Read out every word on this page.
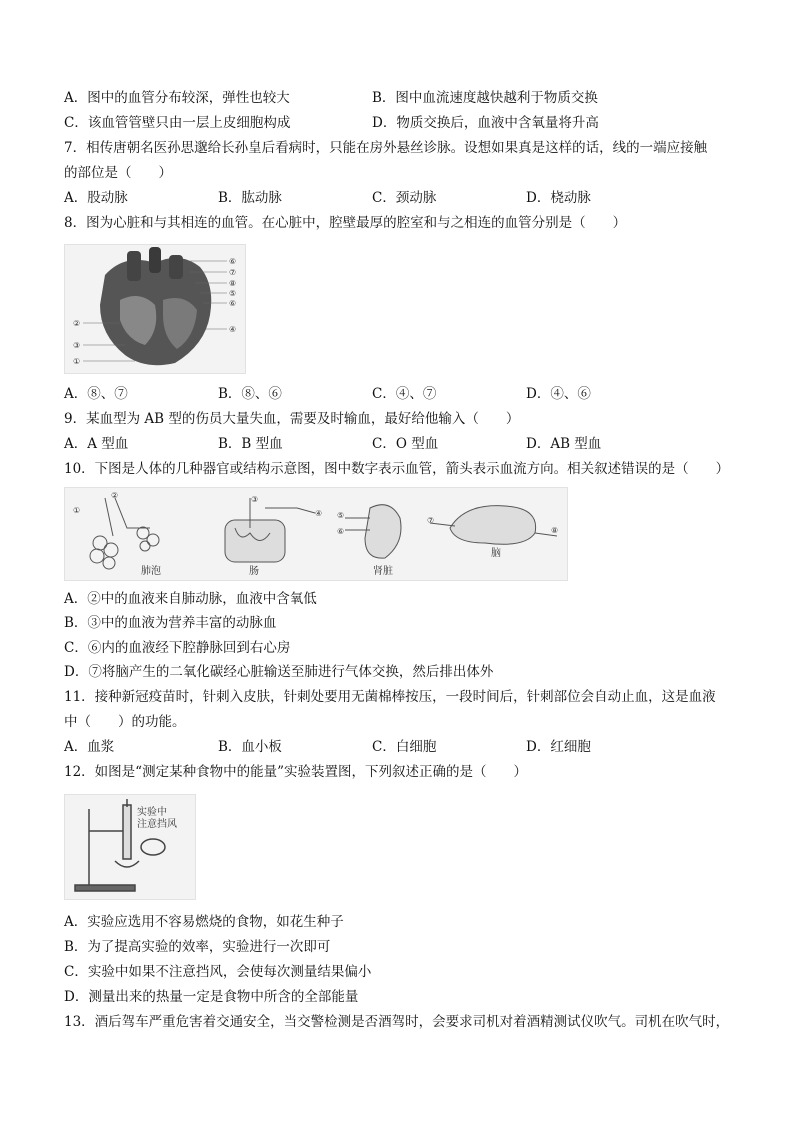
A．图中的血管分布较深，弹性也较大	B．图中血流速度越快越利于物质交换
C．该血管管壁只由一层上皮细胞构成	D．物质交换后，血液中含氧量将升高
7．相传唐朝名医孙思邈给长孙皇后看病时，只能在房外悬丝诊脉。设想如果真是这样的话，线的一端应接触
的部位是（　　）
A．股动脉	B．肱动脉	C．颈动脉	D．桡动脉
8．图为心脏和与其相连的血管。在心脏中，腔壁最厚的腔室和与之相连的血管分别是（　　）
⑥
⑦
⑧
⑤
⑥
④
②
③
①
A．⑧、⑦	B．⑧、⑥	C．④、⑦	D．④、⑥
9．某血型为 AB 型的伤员大量失血，需要及时输血，最好给他输入（　　）
A．A 型血	B．B 型血	C．O 型血	D．AB 型血
10．下图是人体的几种器官或结构示意图，图中数字表示血管，箭头表示血流方向。相关叙述错误的是（　　）
①
②	③
④ ⑤
⑥
⑦
⑧
肺泡	肠	肾脏
脑
A．②中的血液来自肺动脉，血液中含氧低
B．③中的血液为营养丰富的动脉血
C．⑥内的血液经下腔静脉回到右心房
D．⑦将脑产生的二氧化碳经心脏输送至肺进行气体交换，然后排出体外
11．接种新冠疫苗时，针刺入皮肤，针刺处要用无菌棉棒按压，一段时间后，针刺部位会自动止血，这是血液
中（　　）的功能。
A．血浆	B．血小板	C．白细胞	D．红细胞
12．如图是“测定某种食物中的能量”实验装置图，下列叙述正确的是（　　）
实验中
注意挡风
A．实验应选用不容易燃烧的食物，如花生种子
B．为了提高实验的效率，实验进行一次即可
C．实验中如果不注意挡风，会使每次测量结果偏小
D．测量出来的热量一定是食物中所含的全部能量
13．酒后驾车严重危害着交通安全，当交警检测是否酒驾时，会要求司机对着酒精测试仪吹气。司机在吹气时，
